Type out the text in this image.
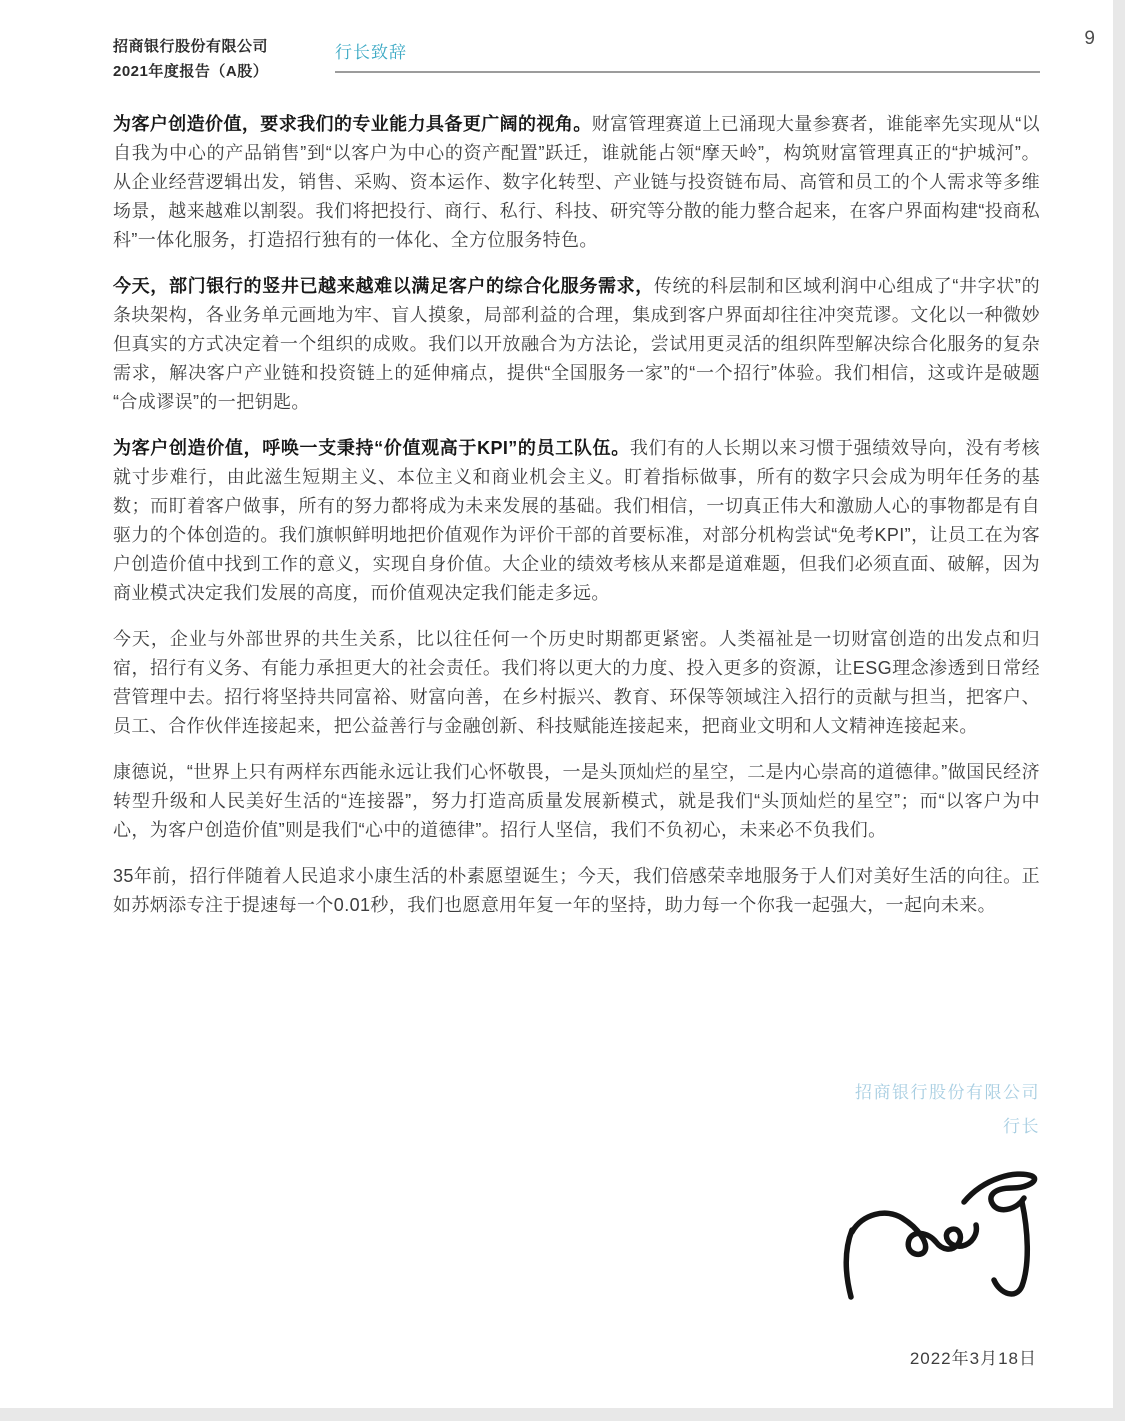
招商银行股份有限公司
2021年度报告（A股）
行长致辞
9

为客户创造价值，要求我们的专业能力具备更广阔的视角。财富管理赛道上已涌现大量参赛者，谁能率先实现从“以自我为中心的产品销售”到“以客户为中心的资产配置”跃迁，谁就能占领“摩天岭”，构筑财富管理真正的“护城河”。从企业经营逻辑出发，销售、采购、资本运作、数字化转型、产业链与投资链布局、高管和员工的个人需求等多维场景，越来越难以割裂。我们将把投行、商行、私行、科技、研究等分散的能力整合起来，在客户界面构建“投商私科”一体化服务，打造招行独有的一体化、全方位服务特色。

今天，部门银行的竖井已越来越难以满足客户的综合化服务需求，传统的科层制和区域利润中心组成了“井字状”的条块架构，各业务单元画地为牢、盲人摸象，局部利益的合理，集成到客户界面却往往冲突荒谬。文化以一种微妙但真实的方式决定着一个组织的成败。我们以开放融合为方法论，尝试用更灵活的组织阵型解决综合化服务的复杂需求，解决客户产业链和投资链上的延伸痛点，提供“全国服务一家”的“一个招行”体验。我们相信，这或许是破题“合成谬误”的一把钥匙。

为客户创造价值，呼唤一支秉持“价值观高于KPI”的员工队伍。我们有的人长期以来习惯于强绩效导向，没有考核就寸步难行，由此滋生短期主义、本位主义和商业机会主义。盯着指标做事，所有的数字只会成为明年任务的基数；而盯着客户做事，所有的努力都将成为未来发展的基础。我们相信，一切真正伟大和激励人心的事物都是有自驱力的个体创造的。我们旗帜鲜明地把价值观作为评价干部的首要标准，对部分机构尝试“免考KPI”，让员工在为客户创造价值中找到工作的意义，实现自身价值。大企业的绩效考核从来都是道难题，但我们必须直面、破解，因为商业模式决定我们发展的高度，而价值观决定我们能走多远。

今天，企业与外部世界的共生关系，比以往任何一个历史时期都更紧密。人类福祉是一切财富创造的出发点和归宿，招行有义务、有能力承担更大的社会责任。我们将以更大的力度、投入更多的资源，让ESG理念渗透到日常经营管理中去。招行将坚持共同富裕、财富向善，在乡村振兴、教育、环保等领域注入招行的贡献与担当，把客户、员工、合作伙伴连接起来，把公益善行与金融创新、科技赋能连接起来，把商业文明和人文精神连接起来。

康德说，“世界上只有两样东西能永远让我们心怀敬畏，一是头顶灿烂的星空，二是内心崇高的道德律。”做国民经济转型升级和人民美好生活的“连接器”，努力打造高质量发展新模式，就是我们“头顶灿烂的星空”；而“以客户为中心，为客户创造价值”则是我们“心中的道德律”。招行人坚信，我们不负初心，未来必不负我们。

35年前，招行伴随着人民追求小康生活的朴素愿望诞生；今天，我们倍感荣幸地服务于人们对美好生活的向往。正如苏炳添专注于提速每一个0.01秒，我们也愿意用年复一年的坚持，助力每一个你我一起强大，一起向未来。

招商银行股份有限公司
行长
2022年3月18日
